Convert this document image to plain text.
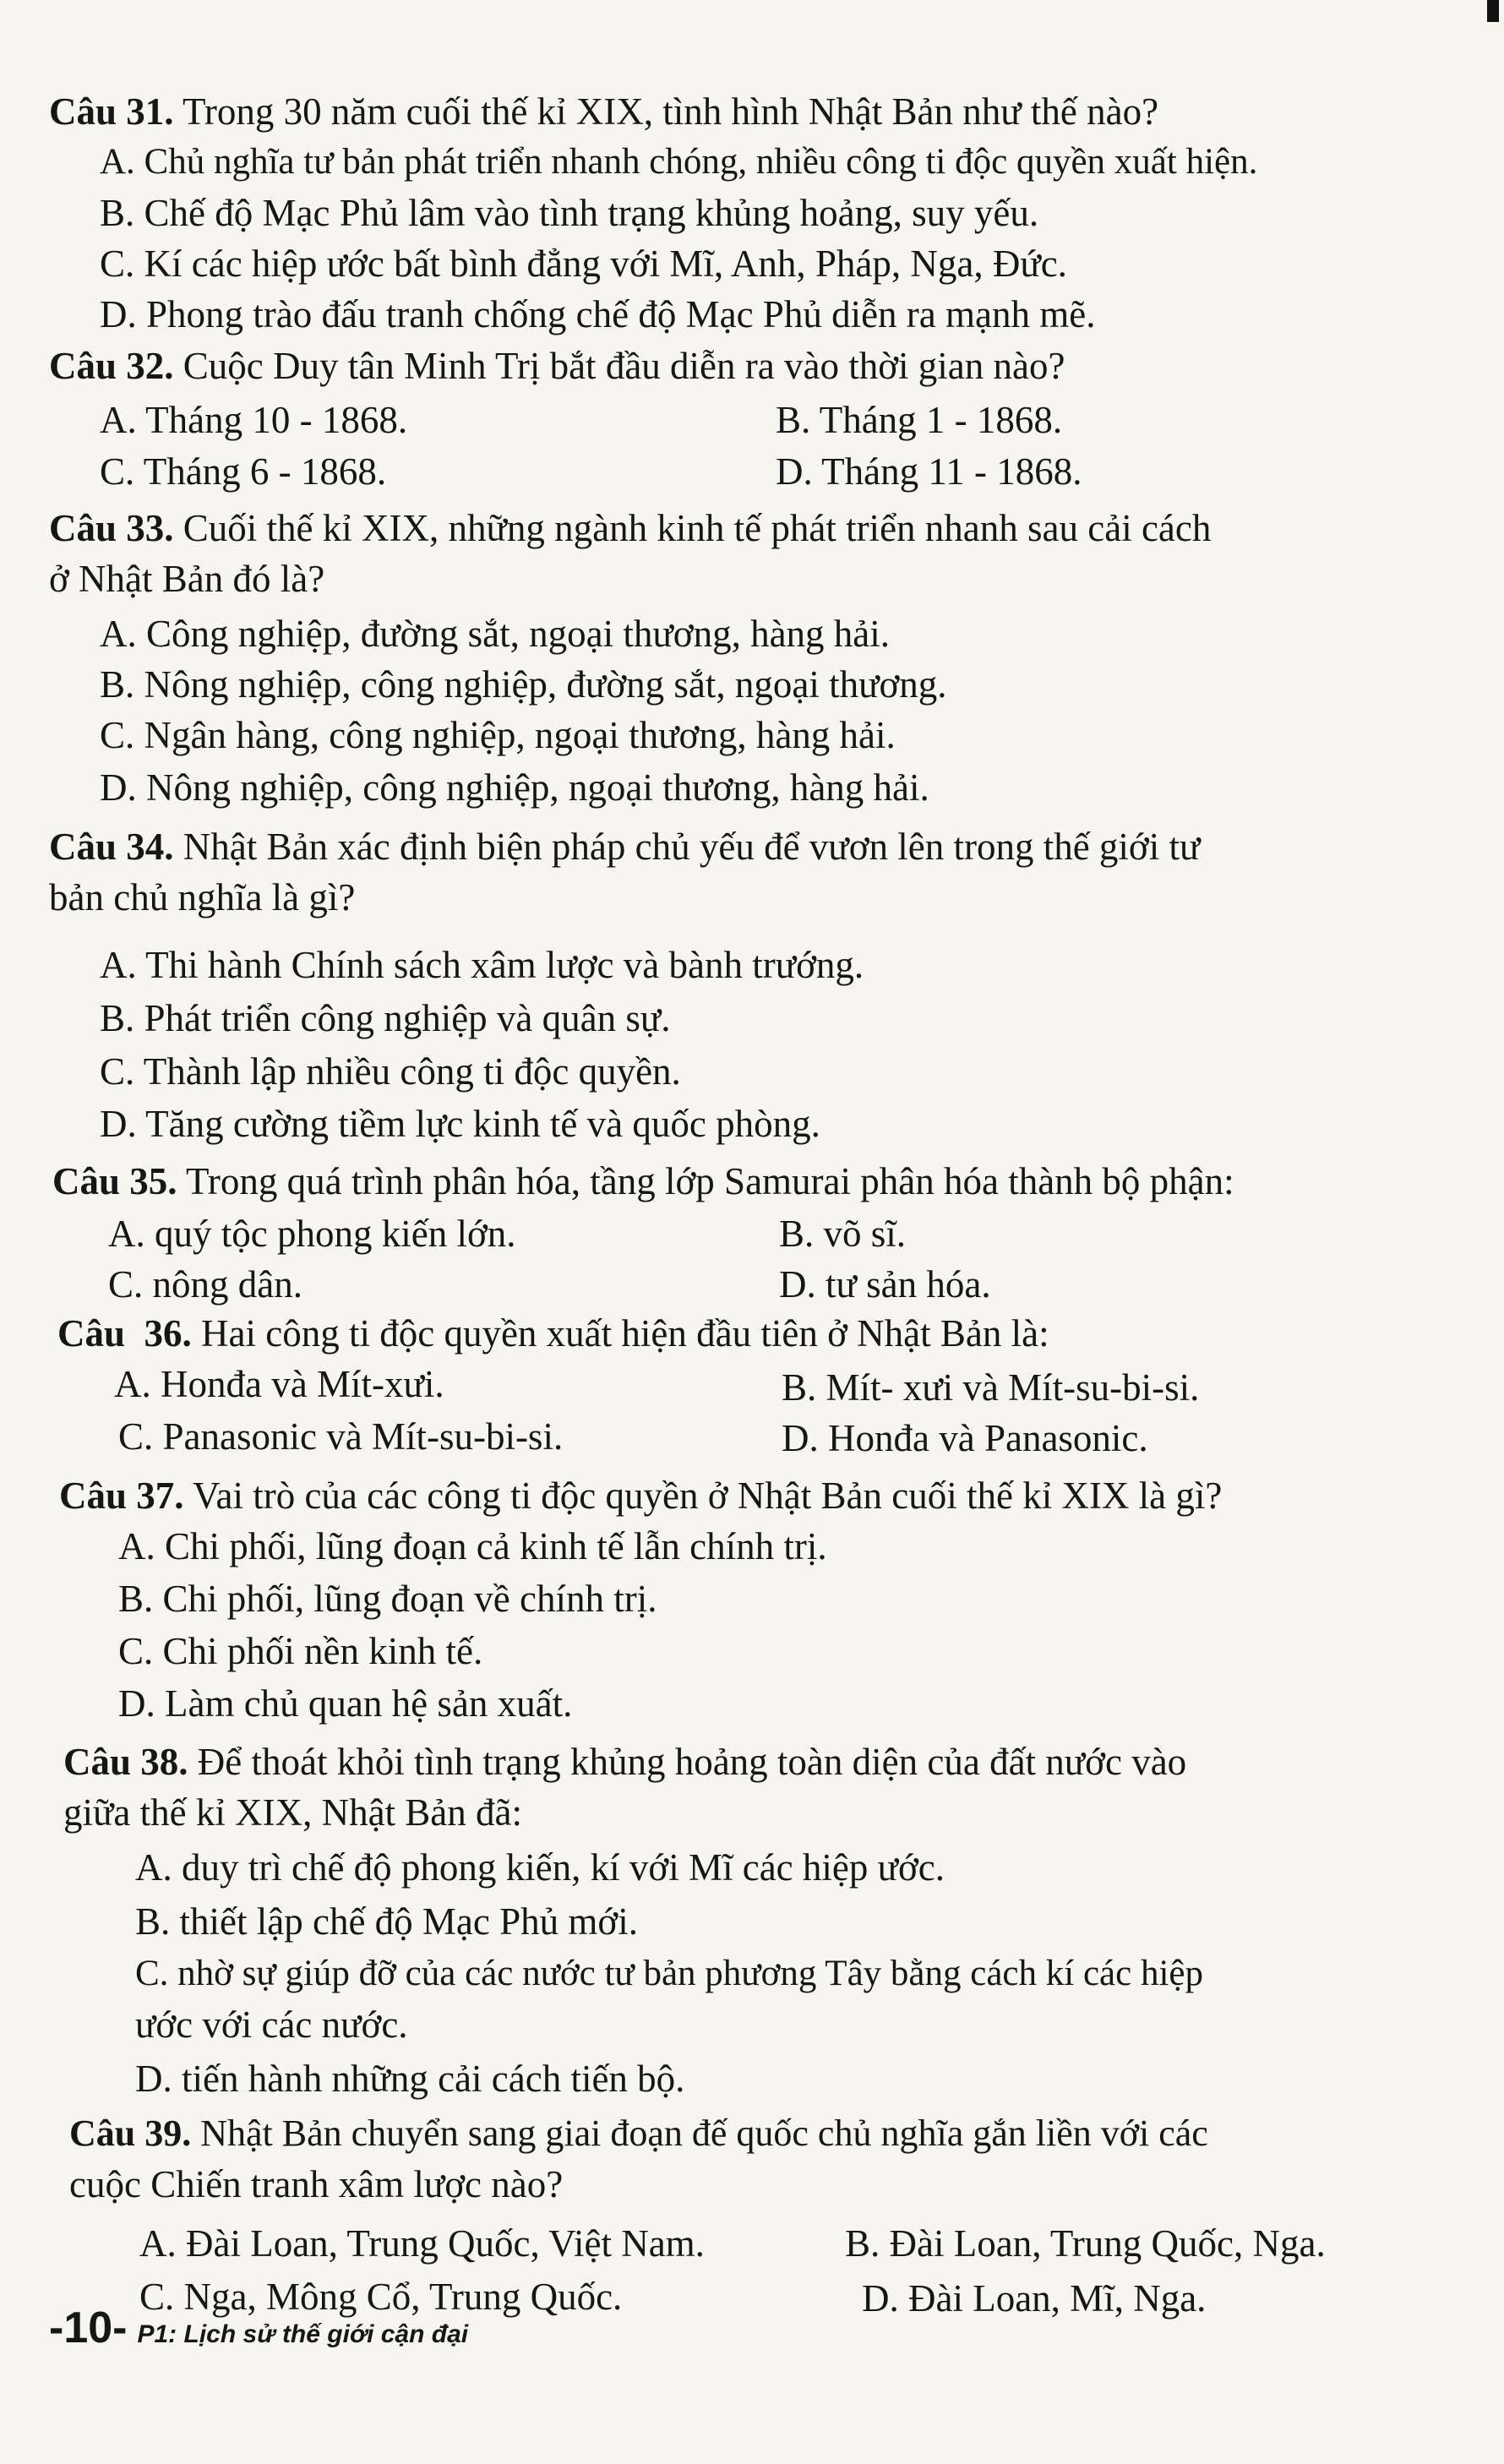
Câu 31. Trong 30 năm cuối thế kỉ XIX, tình hình Nhật Bản như thế nào?
A. Chủ nghĩa tư bản phát triển nhanh chóng, nhiều công ti độc quyền xuất hiện.
B. Chế độ Mạc Phủ lâm vào tình trạng khủng hoảng, suy yếu.
C. Kí các hiệp ước bất bình đẳng với Mĩ, Anh, Pháp, Nga, Đức.
D. Phong trào đấu tranh chống chế độ Mạc Phủ diễn ra mạnh mẽ.
Câu 32. Cuộc Duy tân Minh Trị bắt đầu diễn ra vào thời gian nào?
A. Tháng 10 - 1868.	B. Tháng 1 - 1868.
C. Tháng 6 - 1868.	D. Tháng 11 - 1868.
Câu 33. Cuối thế kỉ XIX, những ngành kinh tế phát triển nhanh sau cải cách
ở Nhật Bản đó là?
A. Công nghiệp, đường sắt, ngoại thương, hàng hải.
B. Nông nghiệp, công nghiệp, đường sắt, ngoại thương.
C. Ngân hàng, công nghiệp, ngoại thương, hàng hải.
D. Nông nghiệp, công nghiệp, ngoại thương, hàng hải.
Câu 34. Nhật Bản xác định biện pháp chủ yếu để vươn lên trong thế giới tư
bản chủ nghĩa là gì?
A. Thi hành Chính sách xâm lược và bành trướng.
B. Phát triển công nghiệp và quân sự.
C. Thành lập nhiều công ti độc quyền.
D. Tăng cường tiềm lực kinh tế và quốc phòng.
Câu 35. Trong quá trình phân hóa, tầng lớp Samurai phân hóa thành bộ phận:
A. quý tộc phong kiến lớn.	B. võ sĩ.
C. nông dân.	D. tư sản hóa.
Câu  36. Hai công ti độc quyền xuất hiện đầu tiên ở Nhật Bản là:
A. Honđa và Mít-xưi.	B. Mít- xưi và Mít-su-bi-si.
C. Panasonic và Mít-su-bi-si.	D. Honđa và Panasonic.
Câu 37. Vai trò của các công ti độc quyền ở Nhật Bản cuối thế kỉ XIX là gì?
A. Chi phối, lũng đoạn cả kinh tế lẫn chính trị.
B. Chi phối, lũng đoạn về chính trị.
C. Chi phối nền kinh tế.
D. Làm chủ quan hệ sản xuất.
Câu 38. Để thoát khỏi tình trạng khủng hoảng toàn diện của đất nước vào
giữa thế kỉ XIX, Nhật Bản đã:
A. duy trì chế độ phong kiến, kí với Mĩ các hiệp ước.
B. thiết lập chế độ Mạc Phủ mới.
C. nhờ sự giúp đỡ của các nước tư bản phương Tây bằng cách kí các hiệp
ước với các nước.
D. tiến hành những cải cách tiến bộ.
Câu 39. Nhật Bản chuyển sang giai đoạn đế quốc chủ nghĩa gắn liền với các
cuộc Chiến tranh xâm lược nào?
A. Đài Loan, Trung Quốc, Việt Nam.	B. Đài Loan, Trung Quốc, Nga.
C. Nga, Mông Cổ, Trung Quốc.	D. Đài Loan, Mĩ, Nga.
-10- P1: Lịch sử thế giới cận đại
